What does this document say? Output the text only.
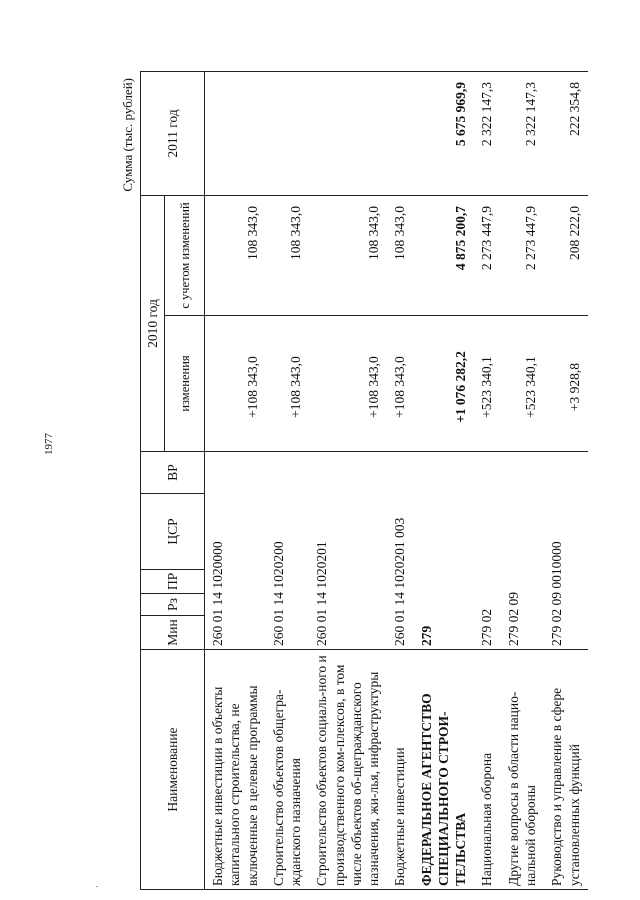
1977
.
Сумма (тыс. рублей)
Наименование	Мин	Рз	ПР	ЦСР	ВР	2010 год		2011 год
						изменения	с учетом изменений	
Бюджетные инвестиции в объекты капитального строительства, не включенные в целевые программы	260 01 14 1020000					+108 343,0	108 343,0	
Строительство объектов общегра-жданского назначения	260 01 14 1020200					+108 343,0	108 343,0	
Строительство объектов социаль-ного и производственного ком-плексов, в том числе объектов об-щегражданского назначения, жи-лья, инфраструктуры	260 01 14 1020201					+108 343,0	108 343,0	
Бюджетные инвестиции	260 01 14 1020201 003					+108 343,0	108 343,0	
ФЕДЕРАЛЬНОЕ АГЕНТСТВО СПЕЦИАЛЬНОГО СТРОИ-ТЕЛЬСТВА	279					+1 076 282,2	4 875 200,7	5 675 969,9
Национальная оборона	279 02					+523 340,1	2 273 447,9	2 322 147,3
Другие вопросы в области нацио-нальной обороны	279 02 09					+523 340,1	2 273 447,9	2 322 147,3
Руководство и управление в сфере установленных функций	279 02 09 0010000					+3 928,8	208 222,0	222 354,8
